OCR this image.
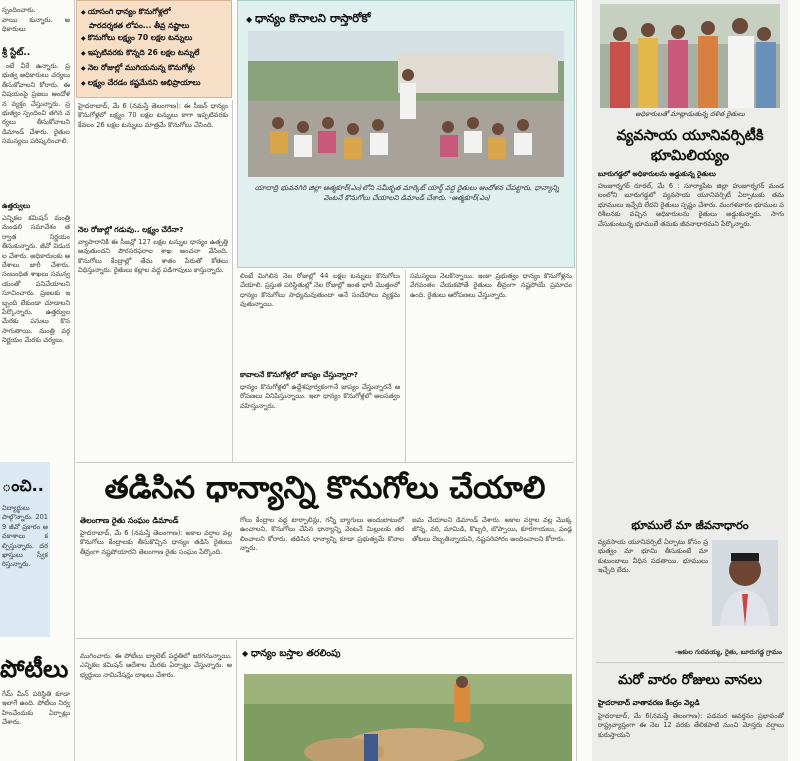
స్పందించారు.
వాయి కున్నారు. అధికారులు
శ్రీ స్టేట్..
ంటే వీరే ఉన్నారు. ప్రభుత్వ అధికారులు చర్యలు తీసుకోవాలని కోరారు. ఈ విషయంపై ప్రజలు ఆందోళన వ్యక్తం చేస్తున్నారు. ప్రభుత్వం స్పందించి తగిన చర్యలు తీసుకోవాలని డిమాండ్ చేశారు. రైతుల సమస్యలు పరిష్కరించాలి.
ఉత్తర్వులు
ఎన్నికల కమిషన్ మంత్రి మండలి సమావేశం తర్వాత నిర్ణయం తీసుకున్నారు. జీవో విడుదల చేశారు. అధికారులకు ఆదేశాలు జారీ చేశారు. సంబంధిత శాఖలు సమన్వయంతో పనిచేయాలని సూచించారు. ప్రజలకు ఇబ్బంది లేకుండా చూడాలని పేర్కొన్నారు. ఉత్తర్వుల మేరకు పనులు కొనసాగుతాయి. మంత్రి వర్గ నిర్ణయం మేరకు చర్యలు.
ంచి..
విద్యార్థులు పాల్గొన్నారు. 2019 జీవో ప్రకారం అవకాశాలు కల్పిస్తున్నారు. దరఖాస్తులు స్వీకరిస్తున్నారు.
పోటీలు
గేమ్ మీన్ పరిస్థితి కూడా ఇలాగే ఉంది. పోటీలు నిర్వహించేందుకు ఏర్పాట్లు చేశారు.
◆ యాసంగి ధాన్యం కొనుగోళ్లలో
పారదర్శకత లోపం... తీవ్ర నష్టాలు
◆ కొనుగోలు లక్ష్యం 70 లక్షల టన్నులు
◆ ఇప్పటివరకు కొన్నది 26 లక్షల టన్నులే
◆ నెల రోజుల్లో ముగియనున్న కొనుగోళ్లు
◆ లక్ష్యం చేరడం కష్టమేనని అభిప్రాయాలు
హైదరాబాద్, మే 6 (నమస్తే తెలంగాణ): ఈ సీజన్ ధాన్యం కొనుగోళ్లలో లక్ష్యం 70 లక్షల టన్నులు కాగా ఇప్పటివరకు కేవలం 26 లక్షల టన్నులు మాత్రమే కొనుగోలు చేసింది.
నెల రోజుల్లో గడువు.. లక్ష్యం చేరేనా?
వ్యాపారానికి ఈ సీజన్లో 127 లక్షల టన్నుల ధాన్యం ఉత్పత్తి అవుతుందని పౌరసరఫరాల శాఖ అంచనా వేసింది. కొనుగోలు కేంద్రాల్లో తేమ శాతం పేరుతో కోతలు విధిస్తున్నారు. రైతులు కల్లాల వద్ద పడిగాపులు కాస్తున్నారు.
◆ ధాన్యం కొనాలని రాస్తారోకో
యాదాద్రి భువనగిరి జిల్లా ఆత్మకూర్(ఎం)లోని సమీకృత మార్కెట్ యార్డ్ వద్ద రైతులు ఆందోళన చేపట్టారు. ధాన్యాన్ని వెంటనే కొనుగోలు చేయాలని డిమాండ్ చేశారు. -ఆత్మకూర్(ఎం)
లింటే మిగిలిన నెల రోజుల్లో 44 లక్షల టన్నులు కొనుగోలు చేయాలి. ప్రస్తుత పరిస్థితుల్లో నెల రోజుల్లో ఇంత భారీ మొత్తంలో ధాన్యం కొనుగోలు సాధ్యమవుతుందా అనే సందేహాలు వ్యక్తమవుతున్నాయి.
కావాలనే కొనుగోళ్లలో జాప్యం చేస్తున్నారా?
ధాన్యం కొనుగోళ్లలో ఉద్దేశపూర్వకంగానే జాప్యం చేస్తున్నారనే ఆరోపణలు వినిపిస్తున్నాయి. ఇలా ధాన్యం కొనుగోళ్లలో అలసత్వం వహిస్తున్నారు.
సమస్యలు నెలకొన్నాయి. ఇంకా ప్రభుత్వం ధాన్యం కొనుగోళ్లను వేగవంతం చేయకపోతే రైతులు తీవ్రంగా నష్టపోయే ప్రమాదం ఉంది. రైతులు ఆరోపణలు చేస్తున్నారు.
తడిసిన ధాన్యాన్ని కొనుగోలు చేయాలి
తెలంగాణ రైతు సంఘం డిమాండ్
హైదరాబాద్, మే 6 (నమస్తే తెలంగాణ): అకాల వర్షాల వల్ల కొనుగోలు కేంద్రాలకు తీసుకొచ్చిన ధాన్యం తడిసి రైతులు తీవ్రంగా నష్టపోయారని తెలంగాణ రైతు సంఘం పేర్కొంది.
గోలు కేంద్రాల వద్ద టార్పాలిన్లు, గన్నీ బ్యాగులు అందుబాటులో ఉంచాలని, కొనుగోలు చేసిన ధాన్యాన్ని వెంటనే మిల్లులకు తరలించాలని కోరారు. తడిసిన ధాన్యాన్ని కూడా ప్రభుత్వమే కొనాలన్నారు.
జమ చేయాలని డిమాండ్ చేశారు. అకాల వర్షాల వల్ల మొక్కజొన్న, వరి, మామిడి, కొబ్బరి, బొప్పాయి, కూరగాయలు, పండ్ల తోటలు దెబ్బతిన్నాయని, నష్టపరిహారం అందించాలని కోరారు.
ముగించారు. ఈ పోటీలు బ్యాలెట్ పద్ధతిలో జరగనున్నాయి. ఎన్నికల కమిషన్ ఆదేశాల మేరకు ఏర్పాట్లు చేస్తున్నారు. అభ్యర్థులు నామినేషన్లు దాఖలు చేశారు.
◆ ధాన్యం బస్తాల తరలింపు
అధికారులతో మాట్లాడుతున్న దళిత రైతులు
వ్యవసాయ యూనివర్సిటీకి భూమిలియ్యం
బూరుగడ్డలో అధికారులను అడ్డుకున్న రైతులు
హుజూర్నగర్ రూరల్, మే 6 : సూర్యాపేట జిల్లా హుజూర్నగర్ మండలంలోని బూరుగడ్డలో వ్యవసాయ యూనివర్సిటీ ఏర్పాటుకు తమ భూములు ఇచ్చేది లేదని రైతులు స్పష్టం చేశారు. మంగళవారం భూముల పరిశీలనకు వచ్చిన అధికారులను రైతులు అడ్డుకున్నారు. సాగు చేసుకుంటున్న భూములే తమకు జీవనాధారమని పేర్కొన్నారు.
భూములే మా జీవనాధారం
వ్యవసాయ యూనివర్సిటీ ఏర్పాటు కోసం ప్రభుత్వం మా భూమి తీసుకుంటే మా కుటుంబాలు వీధిన పడతాయి. భూములు ఇచ్చేది లేదు.
-ఆకుల గురవయ్య, రైతు, బూరుగడ్డ గ్రామం
మరో వారం రోజులు వానలు
హైదరాబాద్ వాతావరణ కేంద్రం వెల్లడి
హైదరాబాద్, మే 6(నమస్తే తెలంగాణ): పడమర ఆవర్తనం ప్రభావంతో రాష్ట్రవ్యాప్తంగా ఈ నెల 12 వరకు తేలికపాటి నుంచి మోస్తరు వర్షాలు కురుస్తాయని
